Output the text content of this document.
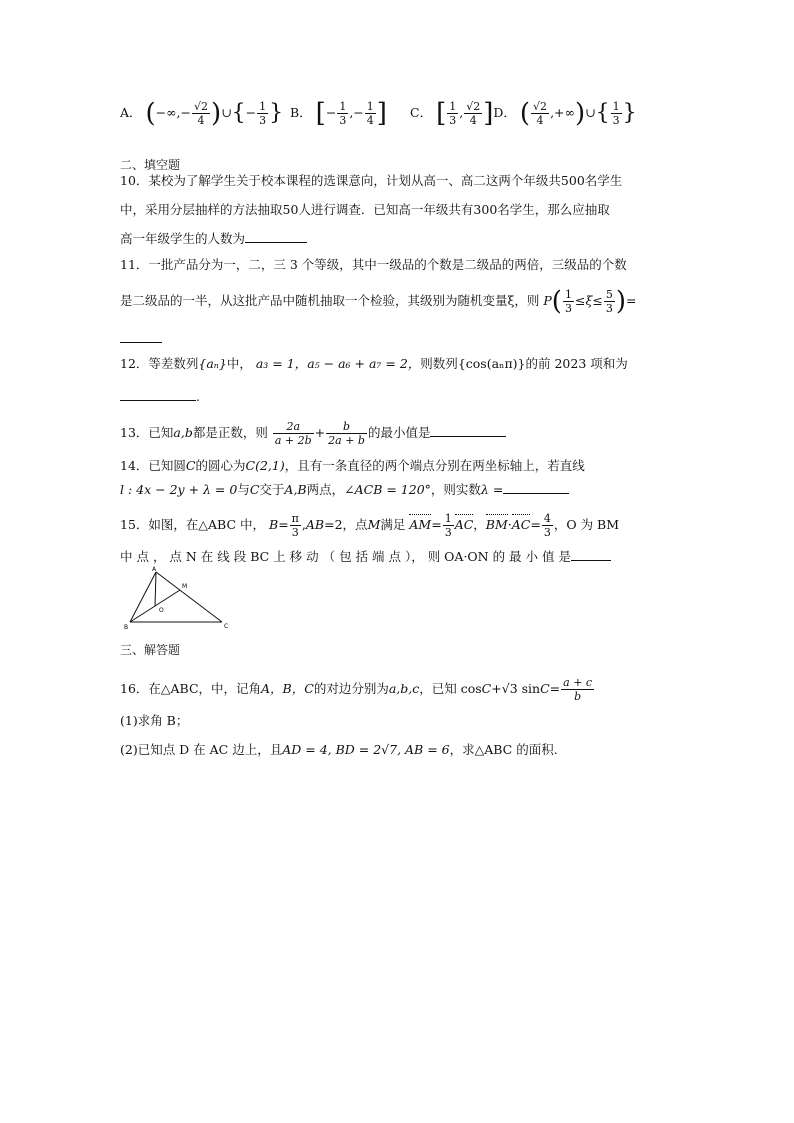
A． (−∞,− $\frac{√2}{4}$ )∪{− $\frac{1}{3}$ } B． [− $\frac{1}{3}$ ,− $\frac{1}{4}$ ] C． [ $\frac{1}{3}$ , $\frac{√2}{4} ]D$． ( $\frac{√2}{4}$ ,+∞)∪{ $\frac{1}{3}$ }
二、填空题
10．某校为了解学生关于校本课程的选课意向，计划从高一、高二这两个年级共500名学生
中，采用分层抽样的方法抽取50人进行调查．已知高一年级共有300名学生，那么应抽取
高一年级学生的人数为
11．一批产品分为一，二，三 3 个等级，其中一级品的个数是二级品的两倍，三级品的个数
是二级品的一半，从这批产品中随机抽取一个检验，其级别为随机变量ξ，则 $P( \frac{1}{3} \le\xi\le \frac{5}{3}$ )=
12．等差数列{aₙ}中， a₃ = 1，a₅ − a₆ + a₇ = 2，则数列{cos(aₙπ)}的前 2023 项和为
.
13．已知a,b都是正数，则 $\frac{2a}{a + 2b} + \frac{b}{2a + b}$ 的最小值是
14．已知圆C的圆心为C(2,1)，且有一条直径的两个端点分别在两坐标轴上，若直线
l : 4x − 2y + λ = 0与C交于A,B两点，∠ACB = 120°，则实数λ =
15．如图，在△ABC 中， $B= \frac{\pi}{3} ,AB=2$，点M满足 $AM= \frac{1}{3}$ AC，$BM\cdot AC= \frac{4}{3}$ ，O 为 BM
中 点 ， 点 N 在 线 段 BC 上 移 动 （ 包 括 端 点 ）， 则 OA·ON 的 最 小 值 是
A
B	C
M
O
三、解答题
16．在△ABC，中，记角A，B，C的对边分别为a,b,c，已知 cosC+√3 $\sin C= \frac{a + c}{b}$
(1)求角 B；
(2)已知点 D 在 AC 边上，且AD = 4, BD = 2√7, AB = 6，求△ABC 的面积.
